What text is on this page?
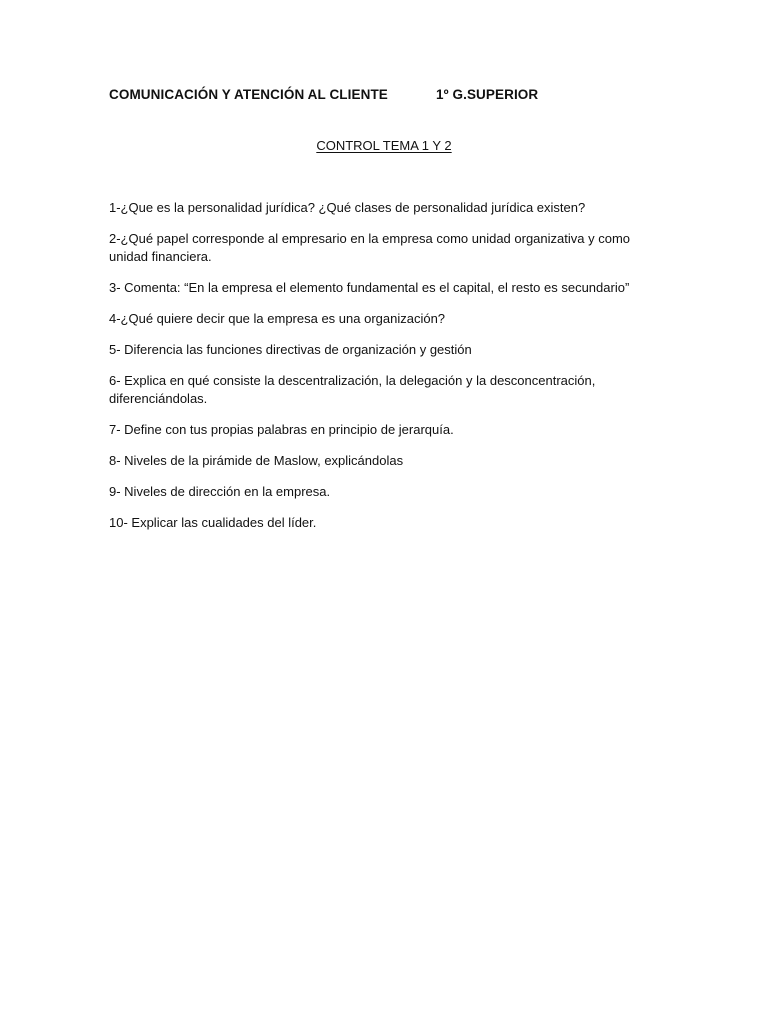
COMUNICACIÓN Y ATENCIÓN AL CLIENTE	1º G.SUPERIOR
CONTROL TEMA 1 Y 2
1-¿Que es la personalidad jurídica? ¿Qué clases de personalidad jurídica existen?
2-¿Qué papel corresponde al empresario en la empresa como unidad organizativa y como unidad financiera.
3- Comenta: “En la empresa el elemento fundamental es el capital, el resto es secundario”
4-¿Qué quiere decir que la empresa es una organización?
5- Diferencia las funciones directivas de organización y gestión
6- Explica en qué consiste la descentralización, la delegación y la desconcentración, diferenciándolas.
7- Define con tus propias palabras en principio de jerarquía.
8- Niveles de la pirámide de Maslow, explicándolas
9- Niveles de dirección en la empresa.
10- Explicar las cualidades del líder.
